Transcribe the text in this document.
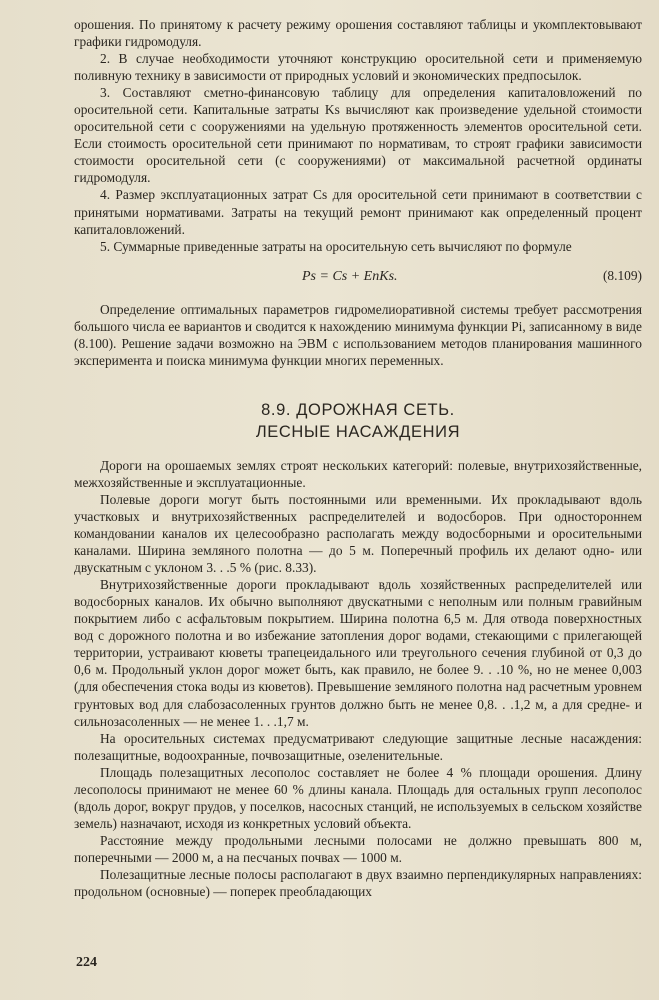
орошения. По принятому к расчету режиму орошения составляют таблицы и укомплектовывают графики гидромодуля.

2. В случае необходимости уточняют конструкцию оросительной сети и применяемую поливную технику в зависимости от природных условий и экономических предпосылок.

3. Составляют сметно-финансовую таблицу для определения капиталовложений по оросительной сети. Капитальные затраты Ks вычисляют как произведение удельной стоимости оросительной сети с сооружениями на удельную протяженность элементов оросительной сети. Если стоимость оросительной сети принимают по нормативам, то строят графики зависимости стоимости оросительной сети (с сооружениями) от максимальной расчетной ординаты гидромодуля.

4. Размер эксплуатационных затрат Cs для оросительной сети принимают в соответствии с принятыми нормативами. Затраты на текущий ремонт принимают как определенный процент капиталовложений.

5. Суммарные приведенные затраты на оросительную сеть вычисляют по формуле

Ps = Cs + EnKs.	(8.109)

Определение оптимальных параметров гидромелиоративной системы требует рассмотрения большого числа ее вариантов и сводится к нахождению минимума функции Pi, записанному в виде (8.100). Решение задачи возможно на ЭВМ с использованием методов планирования машинного эксперимента и поиска минимума функции многих переменных.

8.9. ДОРОЖНАЯ СЕТЬ.
ЛЕСНЫЕ НАСАЖДЕНИЯ

Дороги на орошаемых землях строят нескольких категорий: полевые, внутрихозяйственные, межхозяйственные и эксплуатационные.

Полевые дороги могут быть постоянными или временными. Их прокладывают вдоль участковых и внутрихозяйственных распределителей и водосборов. При одностороннем командовании каналов их целесообразно располагать между водосборными и оросительными каналами. Ширина земляного полотна — до 5 м. Поперечный профиль их делают одно- или двускатным с уклоном 3. . .5 % (рис. 8.33).

Внутрихозяйственные дороги прокладывают вдоль хозяйственных распределителей или водосборных каналов. Их обычно выполняют двускатными с неполным или полным гравийным покрытием либо с асфальтовым покрытием. Ширина полотна 6,5 м. Для отвода поверхностных вод с дорожного полотна и во избежание затопления дорог водами, стекающими с прилегающей территории, устраивают кюветы трапецеидального или треугольного сечения глубиной от 0,3 до 0,6 м. Продольный уклон дорог может быть, как правило, не более 9. . .10 %, но не менее 0,003 (для обеспечения стока воды из кюветов). Превышение земляного полотна над расчетным уровнем грунтовых вод для слабозасоленных грунтов должно быть не менее 0,8. . .1,2 м, а для средне- и сильнозасоленных — не менее 1. . .1,7 м.

На оросительных системах предусматривают следующие защитные лесные насаждения: полезащитные, водоохранные, почвозащитные, озеленительные.

Площадь полезащитных лесополос составляет не более 4 % площади орошения. Длину лесополосы принимают не менее 60 % длины канала. Площадь для остальных групп лесополос (вдоль дорог, вокруг прудов, у поселков, насосных станций, не используемых в сельском хозяйстве земель) назначают, исходя из конкретных условий объекта.

Расстояние между продольными лесными полосами не должно превышать 800 м, поперечными — 2000 м, а на песчаных почвах — 1000 м.

Полезащитные лесные полосы располагают в двух взаимно перпендикулярных направлениях: продольном (основные) — поперек преобладающих

224
